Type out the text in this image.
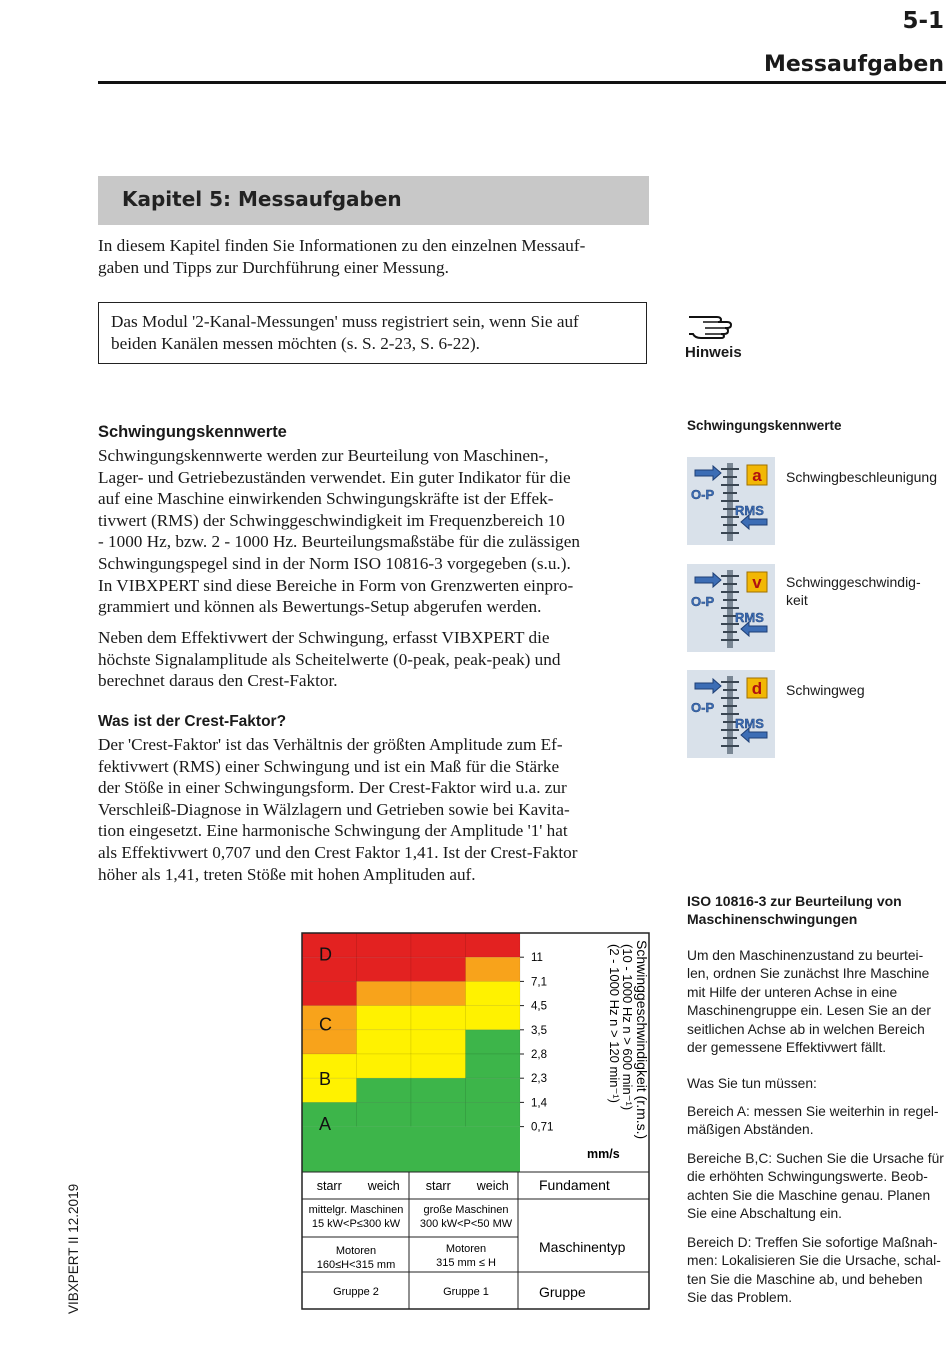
5-1
Messaufgaben
Kapitel 5: Messaufgaben
In diesem Kapitel finden Sie Informationen zu den einzelnen Messauf-
gaben und Tipps zur Durchführung einer Messung.
Das Modul '2-Kanal-Messungen' muss registriert sein, wenn Sie auf
beiden Kanälen messen möchten (s. S. 2-23, S. 6-22).	Hinweis
Schwingungskennwerte
Schwingungskennwerte werden zur Beurteilung von Maschinen-,
Lager- und Getriebezuständen verwendet. Ein guter Indikator für die
auf eine Maschine einwirkenden Schwingungskräfte ist der Effek-
tivwert (RMS) der Schwinggeschwindigkeit im Frequenzbereich 10
- 1000 Hz, bzw. 2 - 1000 Hz. Beurteilungsmaßstäbe für die zulässigen
Schwingungspegel sind in der Norm ISO 10816-3 vorgegeben (s.u.).
In VIBXPERT sind diese Bereiche in Form von Grenzwerten einpro-
grammiert und können als Bewertungs-Setup abgerufen werden.
Neben dem Effektivwert der Schwingung, erfasst VIBXPERT die
höchste Signalamplitude als Scheitelwerte (0-peak, peak-peak) und
berechnet daraus den Crest-Faktor.
Was ist der Crest-Faktor?
Der 'Crest-Faktor' ist das Verhältnis der größten Amplitude zum Ef-
fektivwert (RMS) einer Schwingung und ist ein Maß für die Stärke
der Stöße in einer Schwingungsform. Der Crest-Faktor wird u.a. zur
Verschleiß-Diagnose in Wälzlagern und Getrieben sowie bei Kavita-
tion eingesetzt. Eine harmonische Schwingung der Amplitude '1' hat
als Effektivwert 0,707 und den Crest Faktor 1,41. Ist der Crest-Faktor
höher als 1,41, treten Stöße mit hohen Amplituden auf.
Schwingungskennwerte
a
O-P
RMS
Schwingbeschleunigung
v
O-P
RMS
Schwinggeschwindig-
keit
d
O-P
RMS
Schwingweg
ISO 10816-3 zur Beurteilung von
Maschinenschwingungen
Um den Maschinenzustand zu beurtei-
len, ordnen Sie zunächst Ihre Maschine
mit Hilfe der unteren Achse in eine
Maschinengruppe ein. Lesen Sie an der
seitlichen Achse ab in welchen Bereich
der gemessene Effektivwert fällt.
Was Sie tun müssen:
Bereich A: messen Sie weiterhin in regel-
mäßigen Abständen.
Bereiche B,C: Suchen Sie die Ursache für
die erhöhten Schwingungswerte. Beob-
achten Sie die Maschine genau. Planen
Sie eine Abschaltung ein.
Bereich D: Treffen Sie sofortige Maßnah-
men: Lokalisieren Sie die Ursache, schal-
ten Sie die Maschine ab, und beheben
Sie das Problem.
VIBXPERT II 12.2019
D
C
B
A
11
7,1
4,5
3,5
2,8
2,3
1,4
0,71
mm/s
Schwinggeschwindigkeit (r.m.s.)
(10 - 1000 Hz n > 600 min⁻¹)
(2 - 1000 Hz n > 120 min⁻¹)
starr weich starr weich Fundament
mittelgr. Maschinen
15 kW<P≤300 kW
große Maschinen
300 kW<P<50 MW
Motoren
160≤H<315 mm
Motoren
315 mm ≤ H
Gruppe 2	Gruppe 1
Maschinentyp
Gruppe
